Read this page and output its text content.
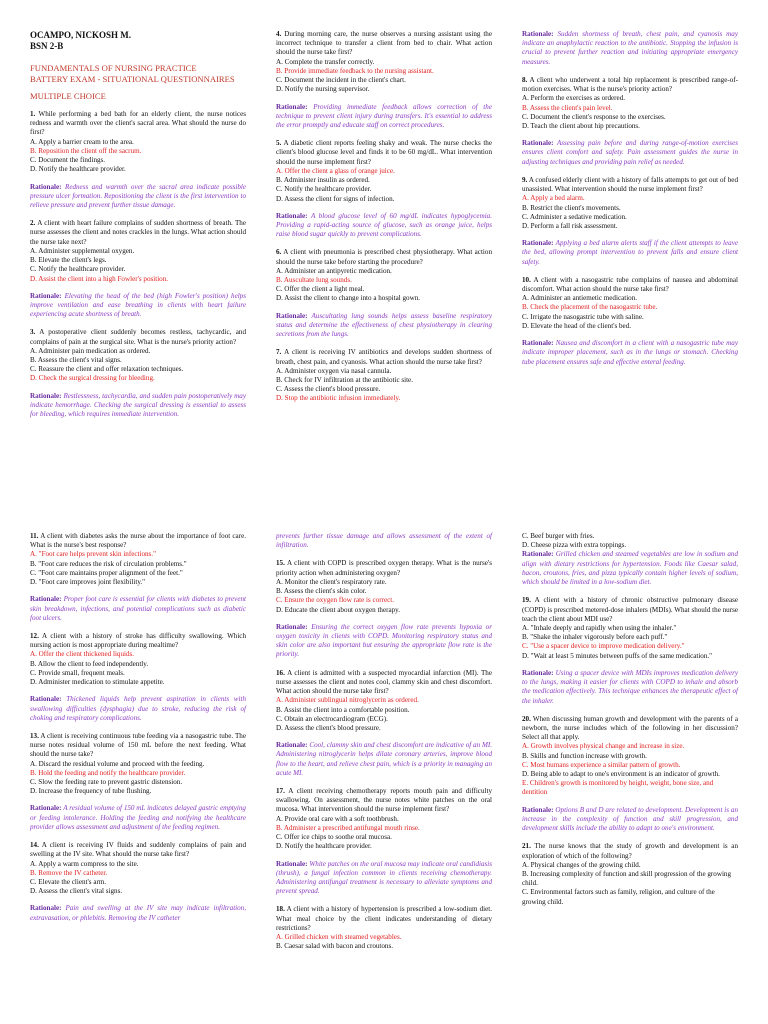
OCAMPO, NICKOSH M.
BSN 2-B
FUNDAMENTALS OF NURSING PRACTICE
BATTERY EXAM - SITUATIONAL QUESTIONNAIRES
MULTIPLE CHOICE
1. While performing a bed bath for an elderly client, the nurse notices redness and warmth over the client's sacral area. What should the nurse do first?
A. Apply a barrier cream to the area.
B. Reposition the client off the sacrum.
C. Document the findings.
D. Notify the healthcare provider.
Rationale: Redness and warmth over the sacral area indicate possible pressure ulcer formation. Repositioning the client is the first intervention to relieve pressure and prevent further tissue damage.
2. A client with heart failure complains of sudden shortness of breath. The nurse assesses the client and notes crackles in the lungs. What action should the nurse take next?
A. Administer supplemental oxygen.
B. Elevate the client's legs.
C. Notify the healthcare provider.
D. Assist the client into a high Fowler's position.
Rationale: Elevating the head of the bed (high Fowler's position) helps improve ventilation and ease breathing in clients with heart failure experiencing acute shortness of breath.
3. A postoperative client suddenly becomes restless, tachycardic, and complains of pain at the surgical site. What is the nurse's priority action?
A. Administer pain medication as ordered.
B. Assess the client's vital signs.
C. Reassure the client and offer relaxation techniques.
D. Check the surgical dressing for bleeding.
Rationale: Restlessness, tachycardia, and sudden pain postoperatively may indicate hemorrhage. Checking the surgical dressing is essential to assess for bleeding, which requires immediate intervention.
4. During morning care, the nurse observes a nursing assistant using the incorrect technique to transfer a client from bed to chair. What action should the nurse take first?
A. Complete the transfer correctly.
B. Provide immediate feedback to the nursing assistant.
C. Document the incident in the client's chart.
D. Notify the nursing supervisor.
Rationale: Providing immediate feedback allows correction of the technique to prevent client injury during transfers. It's essential to address the error promptly and educate staff on correct procedures.
5. A diabetic client reports feeling shaky and weak. The nurse checks the client's blood glucose level and finds it to be 60 mg/dL. What intervention should the nurse implement first?
A. Offer the client a glass of orange juice.
B. Administer insulin as ordered.
C. Notify the healthcare provider.
D. Assess the client for signs of infection.
Rationale: A blood glucose level of 60 mg/dL indicates hypoglycemia. Providing a rapid-acting source of glucose, such as orange juice, helps raise blood sugar quickly to prevent complications.
6. A client with pneumonia is prescribed chest physiotherapy. What action should the nurse take before starting the procedure?
A. Administer an antipyretic medication.
B. Auscultate lung sounds.
C. Offer the client a light meal.
D. Assist the client to change into a hospital gown.
Rationale: Auscultating lung sounds helps assess baseline respiratory status and determine the effectiveness of chest physiotherapy in clearing secretions from the lungs.
7. A client is receiving IV antibiotics and develops sudden shortness of breath, chest pain, and cyanosis. What action should the nurse take first?
A. Administer oxygen via nasal cannula.
B. Check for IV infiltration at the antibiotic site.
C. Assess the client's blood pressure.
D. Stop the antibiotic infusion immediately.
Rationale: Sudden shortness of breath, chest pain, and cyanosis may indicate an anaphylactic reaction to the antibiotic. Stopping the infusion is crucial to prevent further reaction and initiating appropriate emergency measures.
8. A client who underwent a total hip replacement is prescribed range-of-motion exercises. What is the nurse's priority action?
A. Perform the exercises as ordered.
B. Assess the client's pain level.
C. Document the client's response to the exercises.
D. Teach the client about hip precautions.
Rationale: Assessing pain before and during range-of-motion exercises ensures client comfort and safety. Pain assessment guides the nurse in adjusting techniques and providing pain relief as needed.
9. A confused elderly client with a history of falls attempts to get out of bed unassisted. What intervention should the nurse implement first?
A. Apply a bed alarm.
B. Restrict the client's movements.
C. Administer a sedative medication.
D. Perform a fall risk assessment.
Rationale: Applying a bed alarm alerts staff if the client attempts to leave the bed, allowing prompt intervention to prevent falls and ensure client safety.
10. A client with a nasogastric tube complains of nausea and abdominal discomfort. What action should the nurse take first?
A. Administer an antiemetic medication.
B. Check the placement of the nasogastric tube.
C. Irrigate the nasogastric tube with saline.
D. Elevate the head of the client's bed.
Rationale: Nausea and discomfort in a client with a nasogastric tube may indicate improper placement, such as in the lungs or stomach. Checking tube placement ensures safe and effective enteral feeding.
11. A client with diabetes asks the nurse about the importance of foot care. What is the nurse's best response?
A. "Foot care helps prevent skin infections."
B. "Foot care reduces the risk of circulation problems."
C. "Foot care maintains proper alignment of the feet."
D. "Foot care improves joint flexibility."
Rationale: Proper foot care is essential for clients with diabetes to prevent skin breakdown, infections, and potential complications such as diabetic foot ulcers.
12. A client with a history of stroke has difficulty swallowing. Which nursing action is most appropriate during mealtime?
A. Offer the client thickened liquids.
B. Allow the client to feed independently.
C. Provide small, frequent meals.
D. Administer medication to stimulate appetite.
Rationale: Thickened liquids help prevent aspiration in clients with swallowing difficulties (dysphagia) due to stroke, reducing the risk of choking and respiratory complications.
13. A client is receiving continuous tube feeding via a nasogastric tube. The nurse notes residual volume of 150 mL before the next feeding. What should the nurse take?
A. Discard the residual volume and proceed with the feeding.
B. Hold the feeding and notify the healthcare provider.
C. Slow the feeding rate to prevent gastric distension.
D. Increase the frequency of tube flushing.
Rationale: A residual volume of 150 mL indicates delayed gastric emptying or feeding intolerance. Holding the feeding and notifying the healthcare provider allows assessment and adjustment of the feeding regimen.
14. A client is receiving IV fluids and suddenly complains of pain and swelling at the IV site. What should the nurse take first?
A. Apply a warm compress to the site.
B. Remove the IV catheter.
C. Elevate the client's arm.
D. Assess the client's vital signs.
Rationale: Pain and swelling at the IV site may indicate infiltration, extravasation, or phlebitis. Removing the IV catheter
prevents further tissue damage and allows assessment of the extent of infiltration.
15. A client with COPD is prescribed oxygen therapy. What is the nurse's priority action when administering oxygen?
A. Monitor the client's respiratory rate.
B. Assess the client's skin color.
C. Ensure the oxygen flow rate is correct.
D. Educate the client about oxygen therapy.
Rationale: Ensuring the correct oxygen flow rate prevents hypoxia or oxygen toxicity in clients with COPD. Monitoring respiratory status and skin color are also important but ensuring the appropriate flow rate is the priority.
16. A client is admitted with a suspected myocardial infarction (MI). The nurse assesses the client and notes cool, clammy skin and chest discomfort. What action should the nurse take first?
A. Administer sublingual nitroglycerin as ordered.
B. Assist the client into a comfortable position.
C. Obtain an electrocardiogram (ECG).
D. Assess the client's blood pressure.
Rationale: Cool, clammy skin and chest discomfort are indicative of an MI. Administering nitroglycerin helps dilate coronary arteries, improve blood flow to the heart, and relieve chest pain, which is a priority in managing an acute MI.
17. A client receiving chemotherapy reports mouth pain and difficulty swallowing. On assessment, the nurse notes white patches on the oral mucosa. What intervention should the nurse implement first?
A. Provide oral care with a soft toothbrush.
B. Administer a prescribed antifungal mouth rinse.
C. Offer ice chips to soothe oral mucosa.
D. Notify the healthcare provider.
Rationale: White patches on the oral mucosa may indicate oral candidiasis (thrush), a fungal infection common in clients receiving chemotherapy. Administering antifungal treatment is necessary to alleviate symptoms and prevent spread.
18. A client with a history of hypertension is prescribed a low-sodium diet. What meal choice by the client indicates understanding of dietary restrictions?
A. Grilled chicken with steamed vegetables.
B. Caesar salad with bacon and croutons.
C. Beef burger with fries.
D. Cheese pizza with extra toppings.
Rationale: Grilled chicken and steamed vegetables are low in sodium and align with dietary restrictions for hypertension. Foods like Caesar salad, bacon, croutons, fries, and pizza typically contain higher levels of sodium, which should be limited in a low-sodium diet.
19. A client with a history of chronic obstructive pulmonary disease (COPD) is prescribed metered-dose inhalers (MDIs). What should the nurse teach the client about MDI use?
A. "Inhale deeply and rapidly when using the inhaler."
B. "Shake the inhaler vigorously before each puff."
C. "Use a spacer device to improve medication delivery."
D. "Wait at least 5 minutes between puffs of the same medication."
Rationale: Using a spacer device with MDIs improves medication delivery to the lungs, making it easier for clients with COPD to inhale and absorb the medication effectively. This technique enhances the therapeutic effect of the inhaler.
20. When discussing human growth and development with the parents of a newborn, the nurse includes which of the following in her discussion? Select all that apply.
A. Growth involves physical change and increase in size.
B. Skills and function increase with growth.
C. Most humans experience a similar pattern of growth.
D. Being able to adapt to one's environment is an indicator of growth.
E. Children's growth is monitored by height, weight, bone size, and dentition
Rationale: Options B and D are related to development. Development is an increase in the complexity of function and skill progression, and development skills include the ability to adapt to one's environment.
21. The nurse knows that the study of growth and development is an exploration of which of the following?
A. Physical changes of the growing child.
B. Increasing complexity of function and skill progression of the growing child.
C. Environmental factors such as family, religion, and culture of the growing child.
